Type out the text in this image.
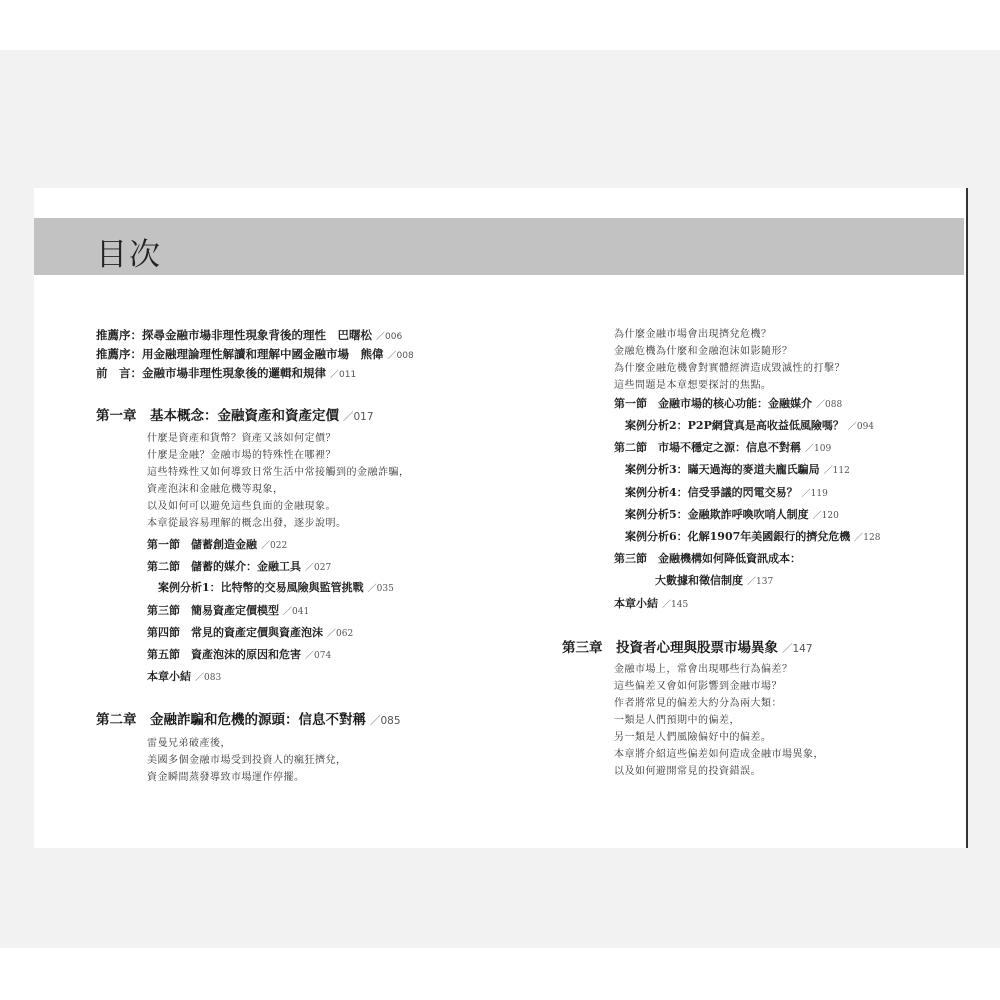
目次
推薦序：探尋金融市場非理性現象背後的理性　巴曙松 ／006
推薦序：用金融理論理性解讀和理解中國金融市場　熊偉 ／008
前　言：金融市場非理性現象後的邏輯和規律 ／011
第一章　基本概念：金融資產和資產定價 ／017
什麼是資產和貨幣？資產又該如何定價？
什麼是金融？金融市場的特殊性在哪裡？
這些特殊性又如何導致日常生活中常接觸到的金融詐騙，
資產泡沫和金融危機等現象，
以及如何可以避免這些負面的金融現象。
本章從最容易理解的概念出發，逐步說明。
第一節　儲蓄創造金融 ／022
第二節　儲蓄的媒介：金融工具 ／027
案例分析1：比特幣的交易風險與監管挑戰 ／035
第三節　簡易資產定價模型 ／041
第四節　常見的資產定價與資產泡沫 ／062
第五節　資產泡沫的原因和危害 ／074
本章小結 ／083
第二章　金融詐騙和危機的源頭：信息不對稱 ／085
雷曼兄弟破產後，
美國多個金融市場受到投資人的瘋狂擠兌，
資金瞬間蒸發導致市場運作停擺。
為什麼金融市場會出現擠兌危機？
金融危機為什麼和金融泡沫如影隨形？
為什麼金融危機會對實體經濟造成毀滅性的打擊？
這些問題是本章想要探討的焦點。
第一節　金融市場的核心功能：金融媒介 ／088
案例分析2：P2P網貸真是高收益低風險嗎？ ／094
第二節　市場不穩定之源：信息不對稱 ／109
案例分析3：瞞天過海的麥道夫龐氏騙局 ／112
案例分析4：信受爭議的閃電交易？ ／119
案例分析5：金融欺詐呼喚吹哨人制度 ／120
案例分析6：化解1907年美國銀行的擠兌危機 ／128
第三節　金融機構如何降低資訊成本：
大數據和徵信制度 ／137
本章小結 ／145
第三章　投資者心理與股票市場異象 ／147
金融市場上，常會出現哪些行為偏差？
這些偏差又會如何影響到金融市場？
作者將常見的偏差大約分為兩大類：
一類是人們預期中的偏差，
另一類是人們風險偏好中的偏差。
本章將介紹這些偏差如何造成金融市場異象，
以及如何避開常見的投資錯誤。
